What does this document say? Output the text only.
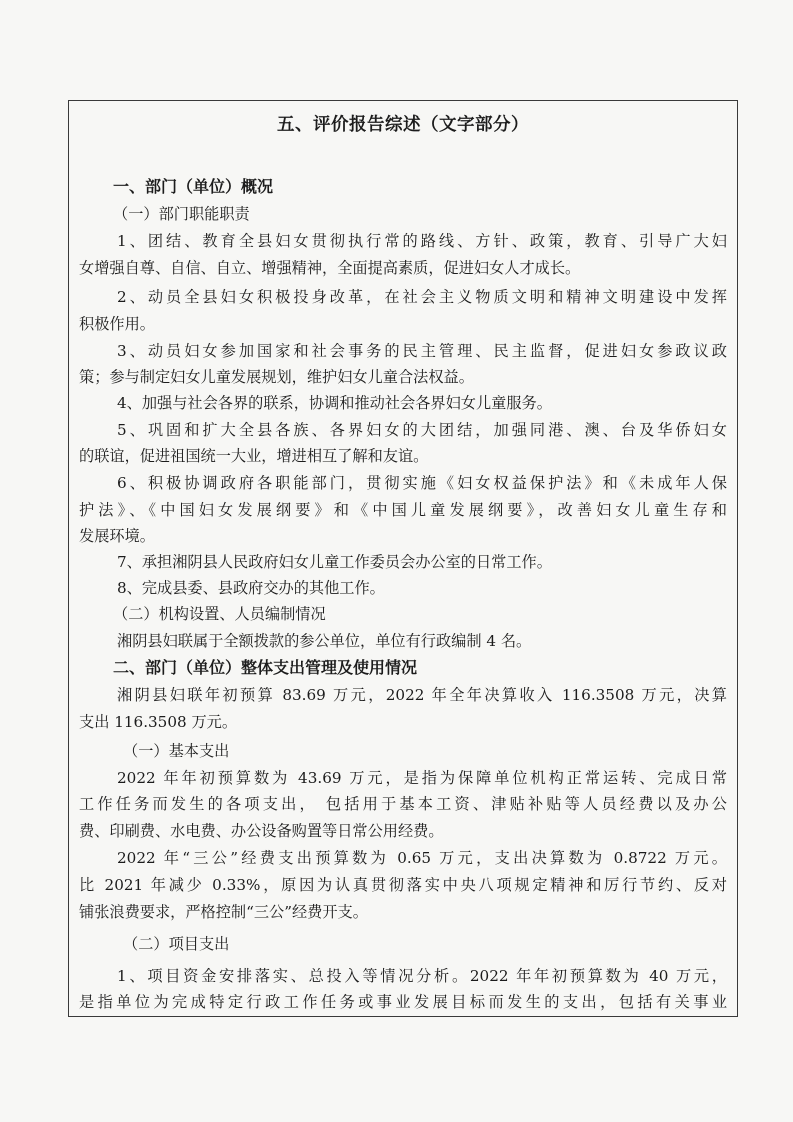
五、评价报告综述（文字部分）
一、部门（单位）概况
（一）部门职能职责
1、团结、教育全县妇女贯彻执行常的路线、方针、政策，教育、引导广大妇
女增强自尊、自信、自立、增强精神，全面提高素质，促进妇女人才成长。
2、动员全县妇女积极投身改革，在社会主义物质文明和精神文明建设中发挥
积极作用。
3、动员妇女参加国家和社会事务的民主管理、民主监督，促进妇女参政议政
策；参与制定妇女儿童发展规划，维护妇女儿童合法权益。
4、加强与社会各界的联系，协调和推动社会各界妇女儿童服务。
5、巩固和扩大全县各族、各界妇女的大团结，加强同港、澳、台及华侨妇女
的联谊，促进祖国统一大业，增进相互了解和友谊。
6、积极协调政府各职能部门，贯彻实施《妇女权益保护法》和《未成年人保
护法》、《中国妇女发展纲要》和《中国儿童发展纲要》，改善妇女儿童生存和
发展环境。
7、承担湘阴县人民政府妇女儿童工作委员会办公室的日常工作。
8、完成县委、县政府交办的其他工作。
（二）机构设置、人员编制情况
湘阴县妇联属于全额拨款的参公单位，单位有行政编制 4 名。
二、部门（单位）整体支出管理及使用情况
湘阴县妇联年初预算 83.69 万元，2022 年全年决算收入 116.3508 万元，决算
支出 116.3508 万元。
（一）基本支出
2022 年年初预算数为 43.69 万元，是指为保障单位机构正常运转、完成日常
工作任务而发生的各项支出， 包括用于基本工资、津贴补贴等人员经费以及办公
费、印刷费、水电费、办公设备购置等日常公用经费。
2022 年“三公”经费支出预算数为 0.65 万元，支出决算数为 0.8722 万元。
比 2021 年减少 0.33%，原因为认真贯彻落实中央八项规定精神和厉行节约、反对
铺张浪费要求，严格控制“三公”经费开支。
（二）项目支出
1、项目资金安排落实、总投入等情况分析。2022 年年初预算数为 40 万元，
是指单位为完成特定行政工作任务或事业发展目标而发生的支出，包括有关事业
